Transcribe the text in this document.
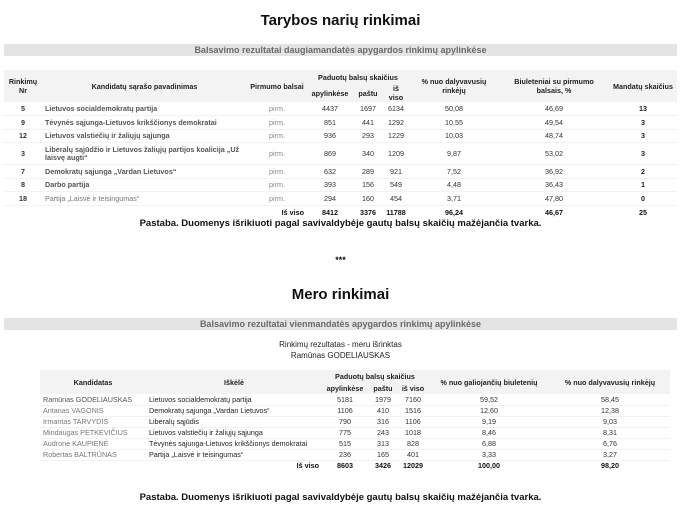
Tarybos narių rinkimai
Balsavimo rezultatai daugiamandatės apygardos rinkimų apylinkėse
Rinkimų Nr	Kandidatų sąrašo pavadinimas	Pirmumo balsai	Paduotų balsų skaičius			% nuo dalyvavusių rinkėjų	Biuleteniai su pirmumo balsais, %	Mandatų skaičius
			apylinkėse	paštu	iš viso			
5	Lietuvos socialdemokratų partija	pirm.	4437	1697	6134	50,08	46,69	13
9	Tėvynės sąjunga-Lietuvos krikščionys demokratai	pirm.	851	441	1292	10,55	49,54	3
12	Lietuvos valstiečių ir žaliųjų sąjunga	pirm.	936	293	1229	10,03	48,74	3
3	Liberalų sąjūdžio ir Lietuvos žaliųjų partijos koalicija „Už laisvę augti“	pirm.	869	340	1209	9,87	53,02	3
7	Demokratų sąjunga „Vardan Lietuvos“	pirm.	632	289	921	7,52	36,92	2
8	Darbo partija	pirm.	393	156	549	4,48	36,43	1
18	Partija „Laisvė ir teisingumas“	pirm.	294	160	454	3,71	47,80	0
		Iš viso	8412	3376	11788	96,24	46,67	25
Pastaba. Duomenys išrikiuoti pagal savivaldybėje gautų balsų skaičių mažėjančia tvarka.
***
Mero rinkimai
Balsavimo rezultatai vienmandatės apygardos rinkimų apylinkėse
Rinkimų rezultatas - meru išrinktas
Ramūnas GODELIAUSKAS
Kandidatas	Iškėlė	Paduotų balsų skaičius			% nuo galiojančių biuletenių	% nuo dalyvavusių rinkėjų
		apylinkėse	paštu	iš viso		
Ramūnas GODELIAUSKAS	Lietuvos socialdemokratų partija	5181	1979	7160	59,52	58,45
Antanas VAGONIS	Demokratų sąjunga „Vardan Lietuvos“	1106	410	1516	12,60	12,38
Irmantas TARVYDIS	Liberalų sąjūdis	790	316	1106	9,19	9,03
Mindaugas PETKEVIČIUS	Lietuvos valstiečių ir žaliųjų sąjunga	775	243	1018	8,46	8,31
Audronė KAUPIENĖ	Tėvynės sąjunga-Lietuvos krikščionys demokratai	515	313	828	6,88	6,76
Robertas BALTRŪNAS	Partija „Laisvė ir teisingumas“	236	165	401	3,33	3,27
	Iš viso	8603	3426	12029	100,00	98,20
Pastaba. Duomenys išrikiuoti pagal savivaldybėje gautų balsų skaičių mažėjančia tvarka.
